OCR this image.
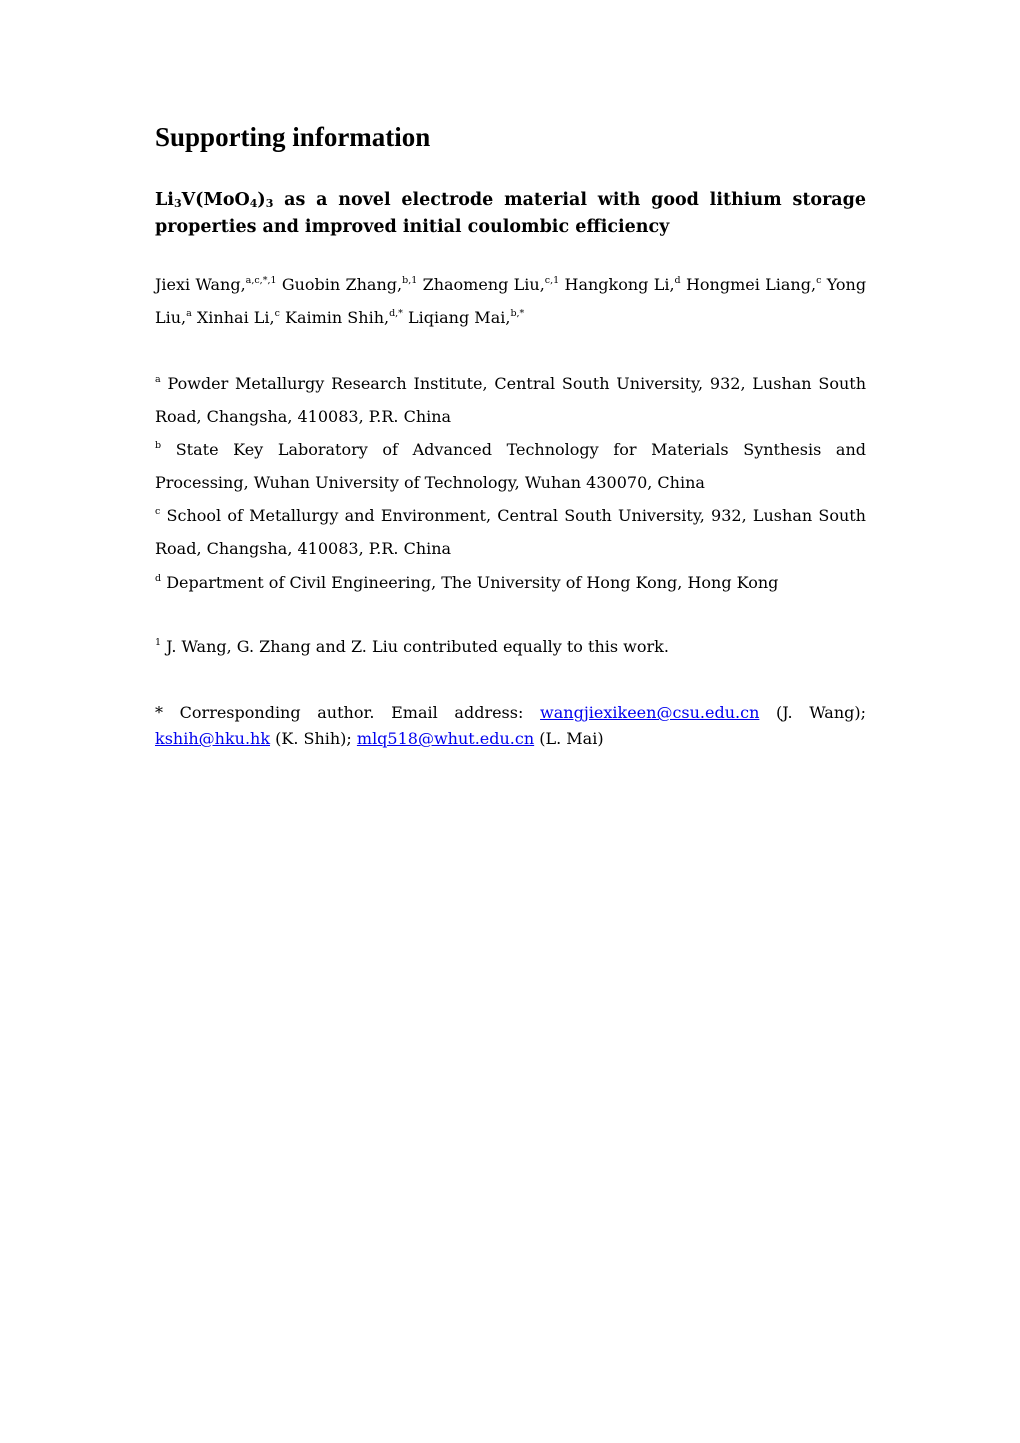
Supporting information

$Li_3V(MoO_4)_3$ as a novel electrode material with good lithium storage properties and improved initial coulombic efficiency

Jiexi Wang,$^{a,c,*,1}$ Guobin Zhang,$^{b,1}$ Zhaomeng Liu,$^{c,1}$ Hangkong Li,$^d$ Hongmei Liang,$^c$ Yong Liu,$^a$ Xinhai Li,$^c$ Kaimin Shih,$^{d,*}$ Liqiang Mai,$^{b,*}$

$^a$ Powder Metallurgy Research Institute, Central South University, 932, Lushan South Road, Changsha, 410083, P.R. China

$^b$ State Key Laboratory of Advanced Technology for Materials Synthesis and Processing, Wuhan University of Technology, Wuhan 430070, China

$^c$ School of Metallurgy and Environment, Central South University, 932, Lushan South Road, Changsha, 410083, P.R. China

$^d$ Department of Civil Engineering, The University of Hong Kong, Hong Kong

$^1$ J. Wang, G. Zhang and Z. Liu contributed equally to this work.

* Corresponding author. Email address: wangjiexikeen@csu.edu.cn (J. Wang); kshih@hku.hk (K. Shih); mlq518@whut.edu.cn (L. Mai)
